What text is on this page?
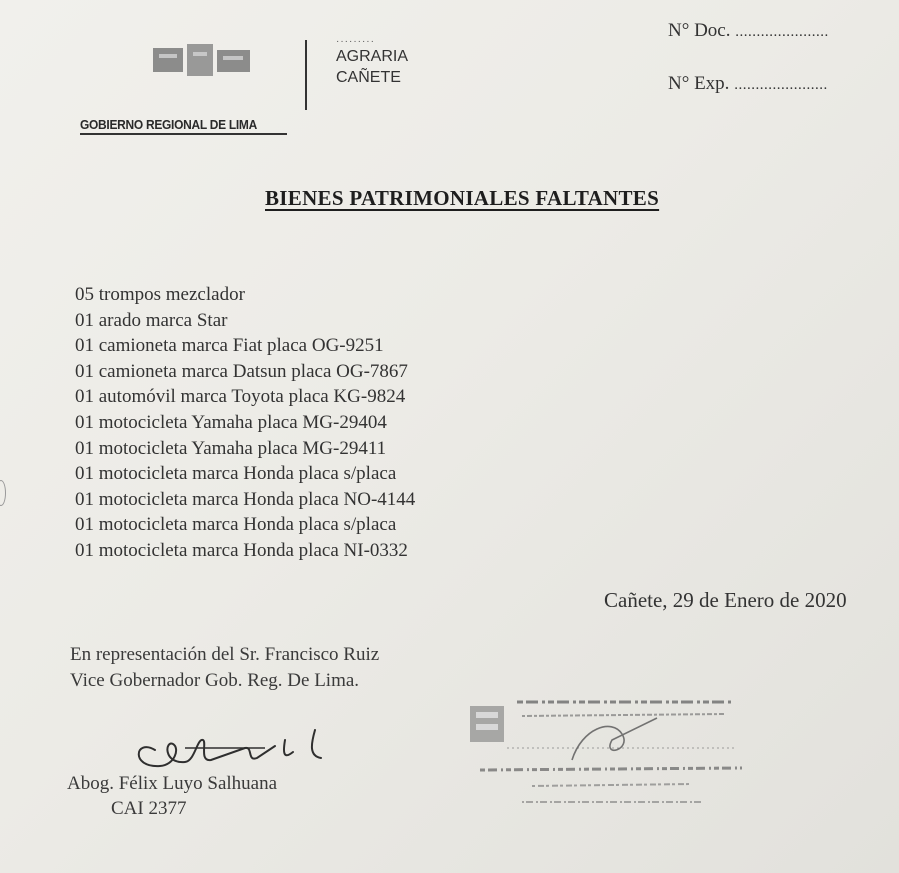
GOBIERNO REGIONAL DE LIMA
·········
AGRARIA
CAÑETE
N° Doc. ......................
N° Exp. ......................
BIENES PATRIMONIALES FALTANTES
05 trompos mezclador
01 arado marca Star
01 camioneta marca Fiat placa OG-9251
01 camioneta marca Datsun placa OG-7867
01 automóvil marca Toyota placa KG-9824
01 motocicleta Yamaha placa MG-29404
01 motocicleta Yamaha placa MG-29411
01 motocicleta marca Honda placa s/placa
01 motocicleta marca Honda placa NO-4144
01 motocicleta marca Honda placa s/placa
01 motocicleta marca Honda placa NI-0332
Cañete, 29 de Enero de 2020
En representación del Sr. Francisco Ruiz
Vice Gobernador Gob. Reg. De Lima.
Abog. Félix Luyo Salhuana
CAI 2377
